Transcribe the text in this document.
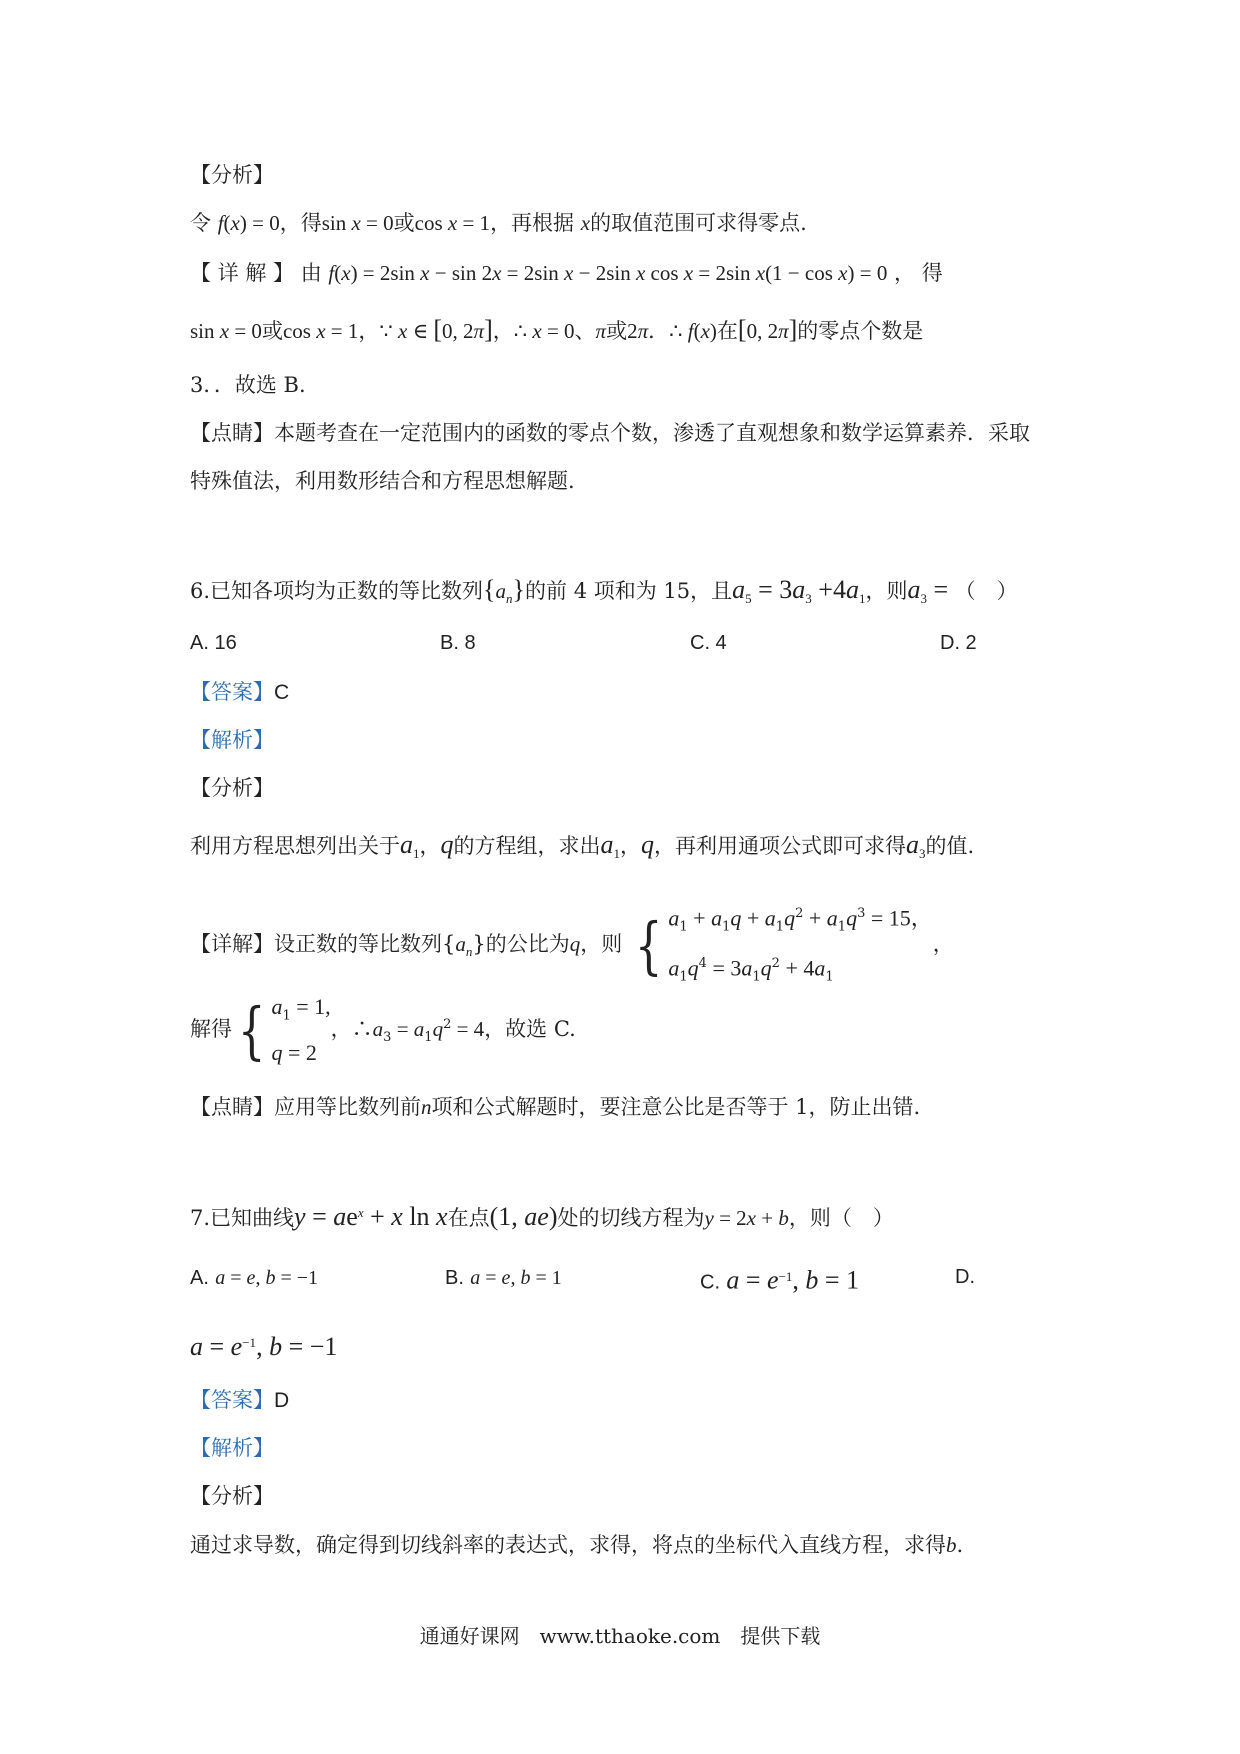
【分析】
令 f(x) = 0，得sin x = 0或cos x = 1，再根据 x的取值范围可求得零点.
【 详 解 】 由 f(x) = 2sin x − sin 2x = 2sin x − 2sin x cos x = 2sin x(1 − cos x) = 0 ， 得
sin x = 0或cos x = 1，∵ x ∈ [0, 2π]，∴ x = 0、π或2π．∴ f(x)在[0, 2π]的零点个数是
3．．故选 B.
【点睛】本题考查在一定范围内的函数的零点个数，渗透了直观想象和数学运算素养．采取
特殊值法，利用数形结合和方程思想解题.
6.已知各项均为正数的等比数列$\{a_n\}$的前 4 项和为 15，且$a_5 = 3a_3 +4a_1$，则$a_3$ = （　）
A. 16	B. 8	C. 4	D. 2
【答案】C
【解析】
【分析】
利用方程思想列出关于$a_1$，q的方程组，求出$a_1$，q，再利用通项公式即可求得$a_3$的值.
【详解】设正数的等比数列$\{a_n\}$的公比为q，则 { $a_1 + a_1q + a_1q^2 + a_1q^3 = 15$，
$a_1q^4 = 3a_1q^2 + 4a_1$
，
解得{ $a_1 = 1$,
q = 2
，$\therefore a_3 = a_1q^2 = 4$，故选 C.
【点睛】应用等比数列前n项和公式解题时，要注意公比是否等于 1，防止出错.
7.已知曲线$y = ae^x + x$ ln x在点(1, ae)处的切线方程为y = 2x + b，则（　）
A. a = e, b = −1	B. a = e, b = 1	C. $a = e^{-1}$, b = 1	D.
$a = e^{-1}$, b = −1
【答案】D
【解析】
【分析】
通过求导数，确定得到切线斜率的表达式，求得，将点的坐标代入直线方程，求得b.
通通好课网　www.tthaoke.com　提供下载
